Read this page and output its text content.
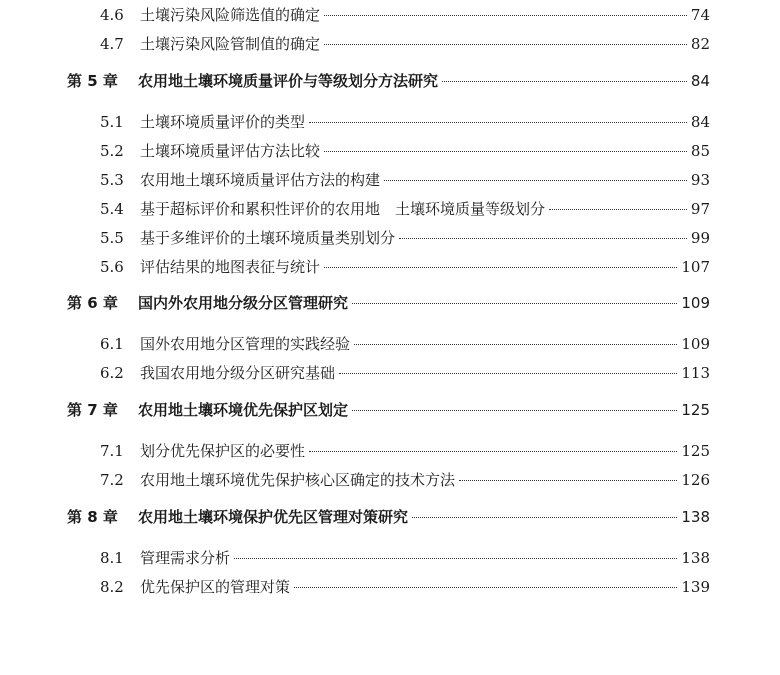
4.6	土壤污染风险筛选值的确定	74
4.7	土壤污染风险管制值的确定	82
第 5 章	农用地土壤环境质量评价与等级划分方法研究	84
5.1	土壤环境质量评价的类型	84
5.2	土壤环境质量评估方法比较	85
5.3	农用地土壤环境质量评估方法的构建	93
5.4	基于超标评价和累积性评价的农用地　土壤环境质量等级划分	97
5.5	基于多维评价的土壤环境质量类别划分	99
5.6	评估结果的地图表征与统计	107
第 6 章	国内外农用地分级分区管理研究	109
6.1	国外农用地分区管理的实践经验	109
6.2	我国农用地分级分区研究基础	113
第 7 章	农用地土壤环境优先保护区划定	125
7.1	划分优先保护区的必要性	125
7.2	农用地土壤环境优先保护核心区确定的技术方法	126
第 8 章	农用地土壤环境保护优先区管理对策研究	138
8.1	管理需求分析	138
8.2	优先保护区的管理对策	139
